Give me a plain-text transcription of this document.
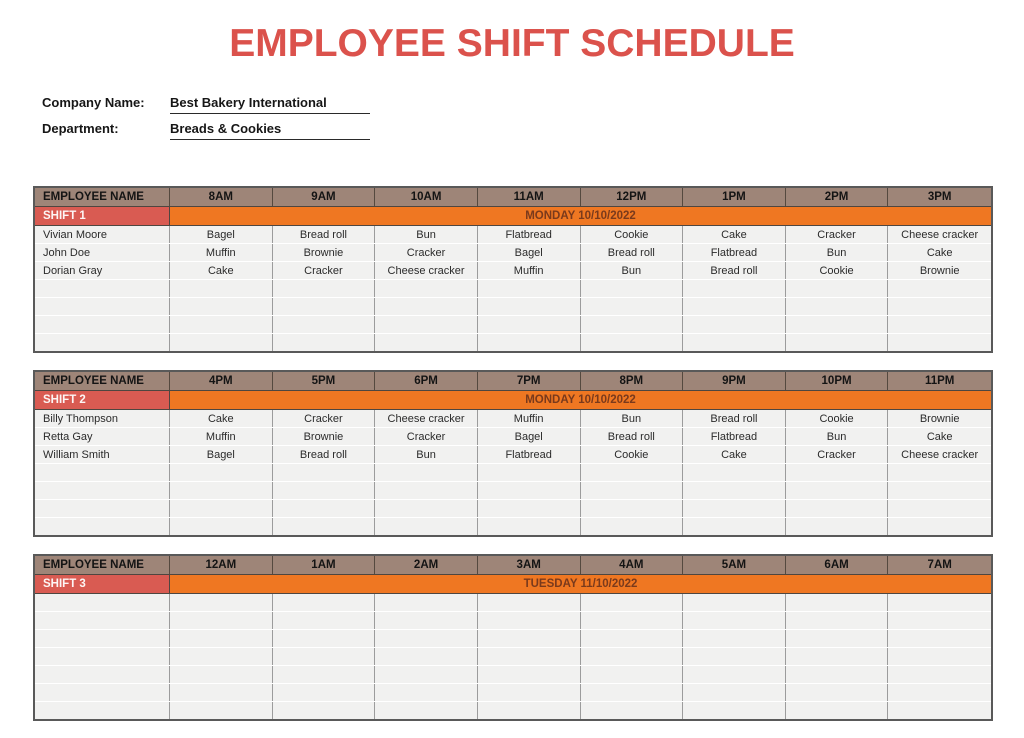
EMPLOYEE SHIFT SCHEDULE
Company Name:	Best Bakery International
Department:	Breads & Cookies
EMPLOYEE NAME	8AM	9AM	10AM	11AM	12PM	1PM	2PM	3PM
SHIFT 1	MONDAY 10/10/2022
Vivian Moore	Bagel	Bread roll	Bun	Flatbread	Cookie	Cake	Cracker	Cheese cracker
John Doe	Muffin	Brownie	Cracker	Bagel	Bread roll	Flatbread	Bun	Cake
Dorian Gray	Cake	Cracker	Cheese cracker	Muffin	Bun	Bread roll	Cookie	Brownie
EMPLOYEE NAME	4PM	5PM	6PM	7PM	8PM	9PM	10PM	11PM
SHIFT 2	MONDAY 10/10/2022
Billy Thompson	Cake	Cracker	Cheese cracker	Muffin	Bun	Bread roll	Cookie	Brownie
Retta Gay	Muffin	Brownie	Cracker	Bagel	Bread roll	Flatbread	Bun	Cake
William Smith	Bagel	Bread roll	Bun	Flatbread	Cookie	Cake	Cracker	Cheese cracker
EMPLOYEE NAME	12AM	1AM	2AM	3AM	4AM	5AM	6AM	7AM
SHIFT 3	TUESDAY 11/10/2022
